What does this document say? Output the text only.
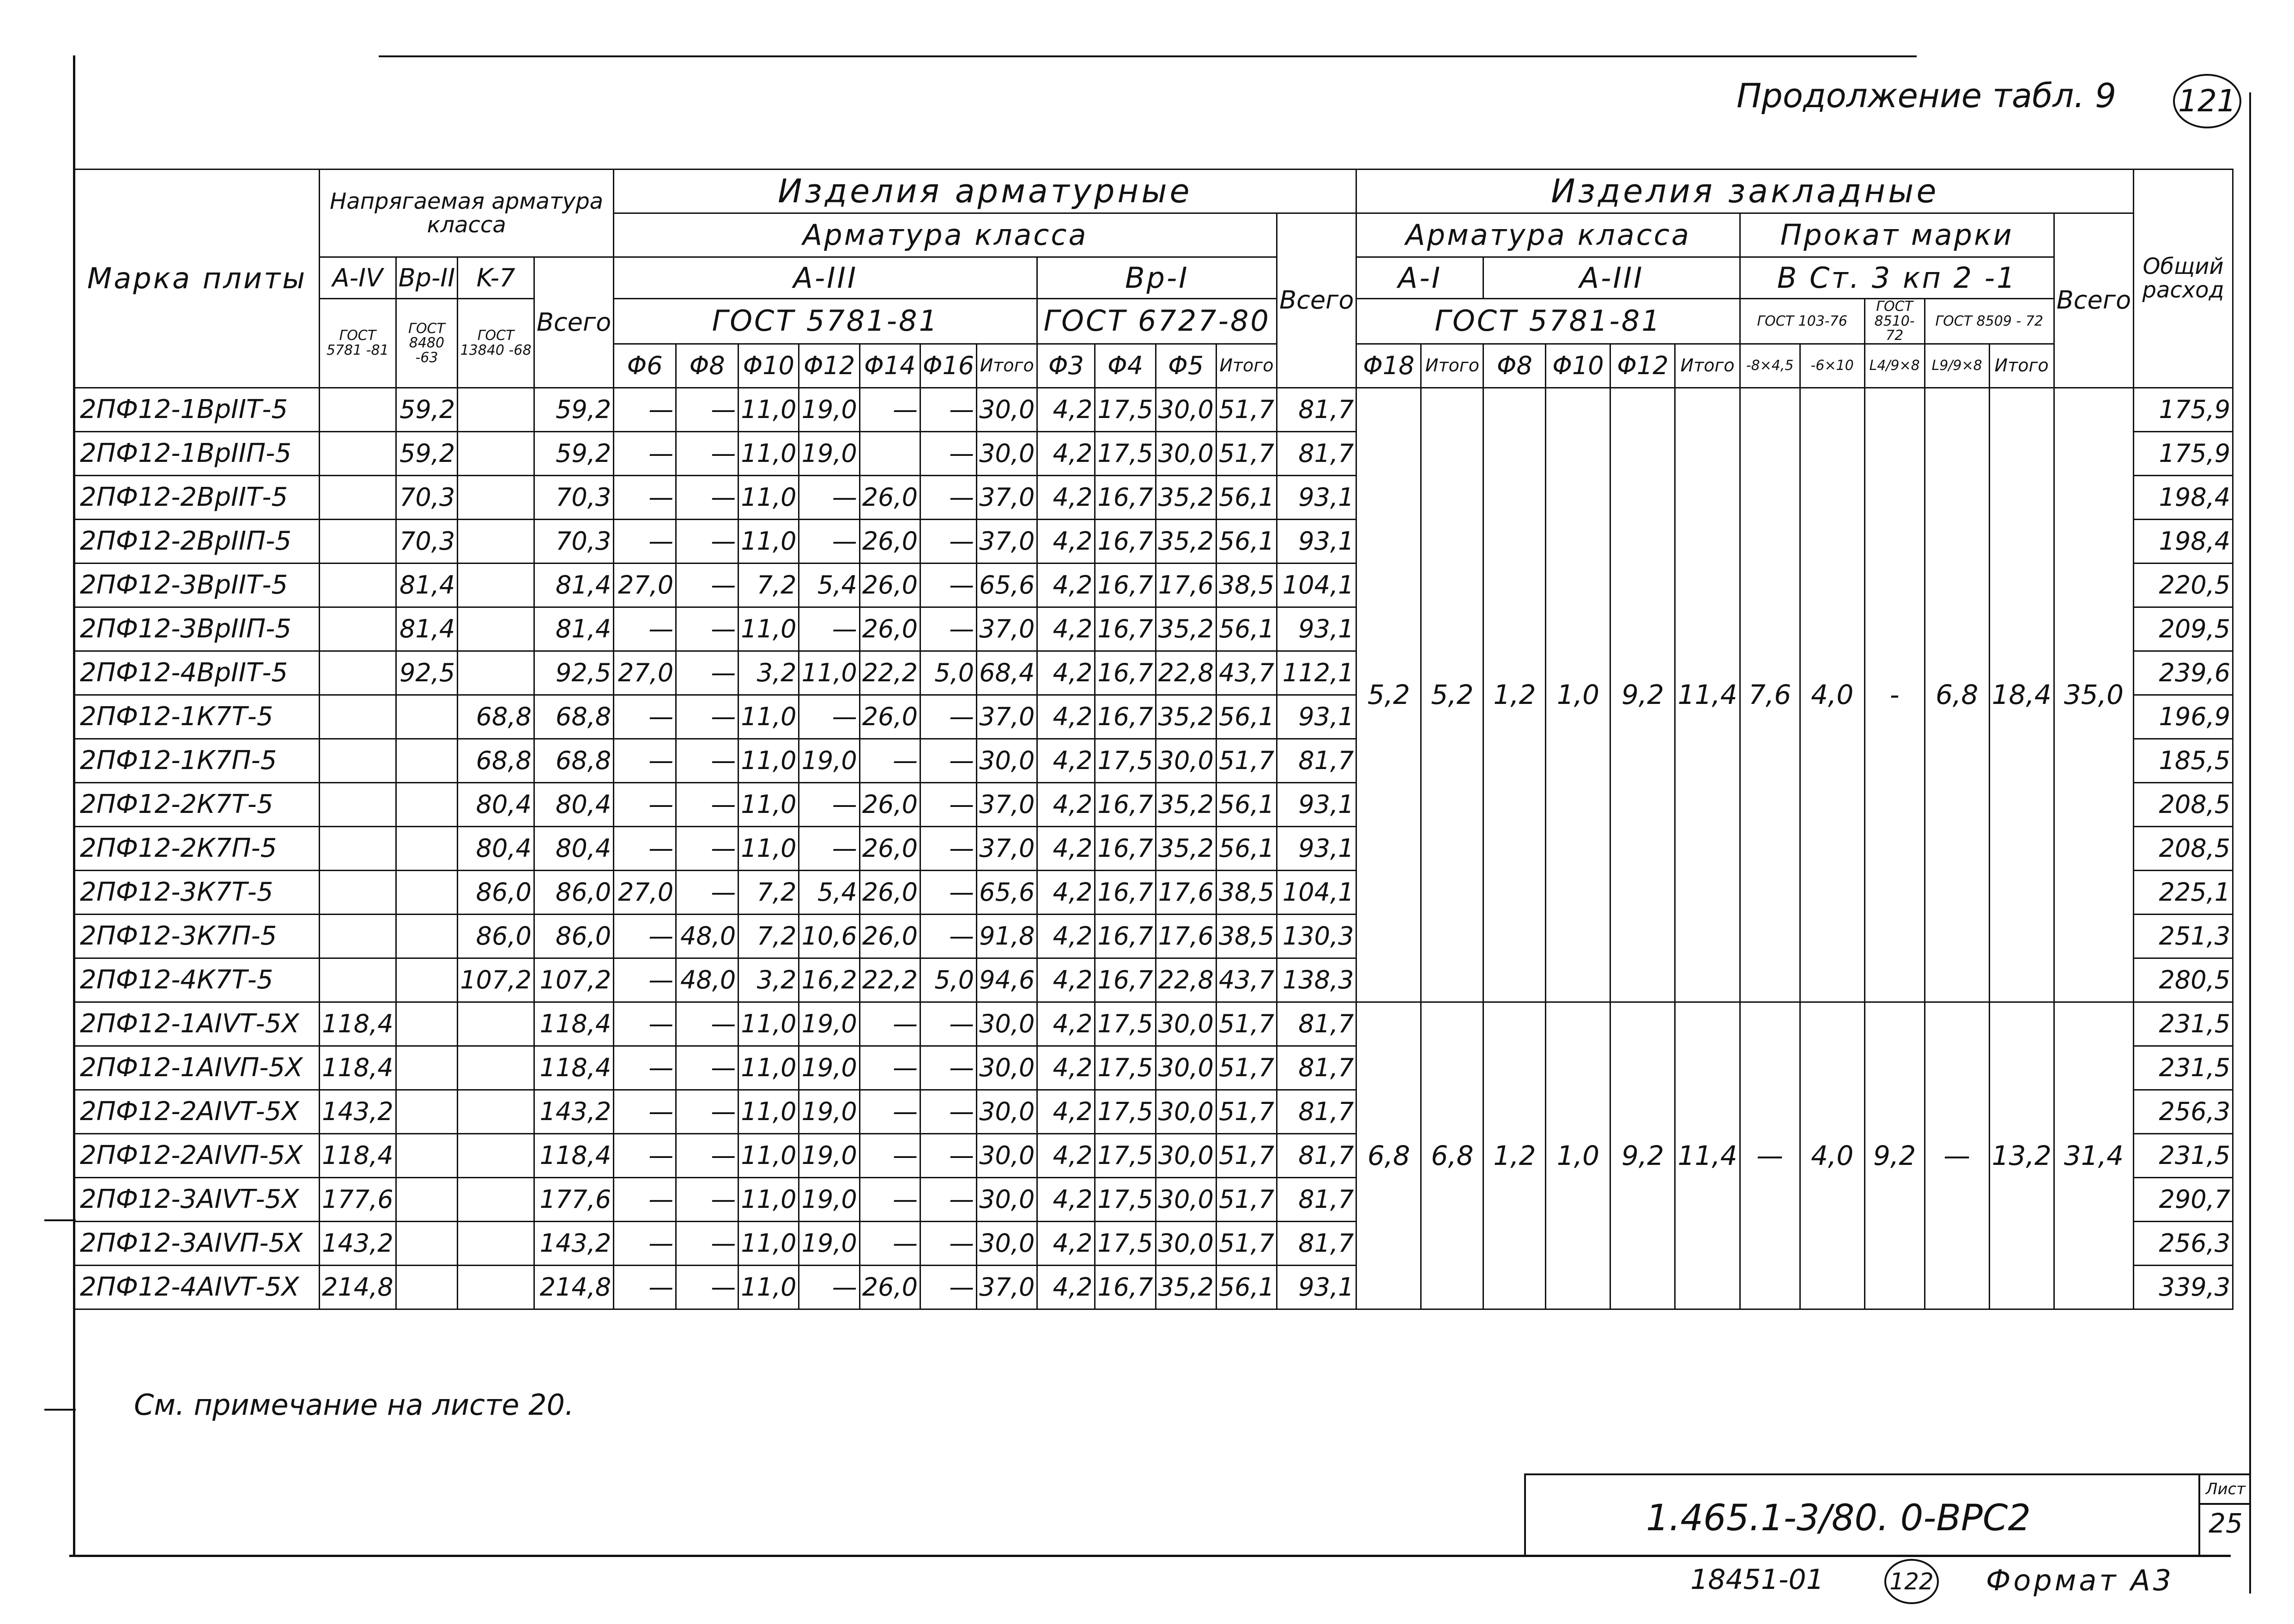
Продолжение табл. 9 121
Марка плиты	Напрягаемая арматура класса				Изделия арматурные												Изделия закладные												Общий расход
					Арматура класса											Всего	Арматура класса						Прокат марки					Всего	
	A-IV	Bp-II	K-7	Всего	A-III							Bp-I					A-I		A-III				В Ст. 3 кп 2 -1						
	ГОСТ 5781 -81	ГОСТ 8480 -63	ГОСТ 13840 -68		ГОСТ 5781-81							ГОСТ 6727-80					ГОСТ 5781-81						ГОСТ 103-76		ГОСТ 8510-72	ГОСТ 8509 - 72			
					Φ6	Φ8	Φ10	Φ12	Φ14	Φ16	Итого	Φ3	Φ4	Φ5	Итого		Φ18	Итого	Φ8	Φ10	Φ12	Итого	-8×4,5	-6×10	L4/9×8	L9/9×8	Итого		
2ПФ12-1BpIIТ-5		59,2		59,2	—	—	11,0	19,0	—	—	30,0	4,2	17,5	30,0	51,7	81,7	5,2	5,2	1,2	1,0	9,2	11,4	7,6	4,0	-	6,8	18,4	35,0	175,9
2ПФ12-1BpIIП-5		59,2		59,2	—	—	11,0	19,0		—	30,0	4,2	17,5	30,0	51,7	81,7													175,9
2ПФ12-2BpIIТ-5		70,3		70,3	—	—	11,0	—	26,0	—	37,0	4,2	16,7	35,2	56,1	93,1													198,4
2ПФ12-2BpIIП-5		70,3		70,3	—	—	11,0	—	26,0	—	37,0	4,2	16,7	35,2	56,1	93,1													198,4
2ПФ12-3BpIIТ-5		81,4		81,4	27,0	—	7,2	5,4	26,0	—	65,6	4,2	16,7	17,6	38,5	104,1													220,5
2ПФ12-3BpIIП-5		81,4		81,4	—	—	11,0	—	26,0	—	37,0	4,2	16,7	35,2	56,1	93,1													209,5
2ПФ12-4BpIIТ-5		92,5		92,5	27,0	—	3,2	11,0	22,2	5,0	68,4	4,2	16,7	22,8	43,7	112,1													239,6
2ПФ12-1К7Т-5			68,8	68,8	—	—	11,0	—	26,0	—	37,0	4,2	16,7	35,2	56,1	93,1													196,9
2ПФ12-1К7П-5			68,8	68,8	—	—	11,0	19,0	—	—	30,0	4,2	17,5	30,0	51,7	81,7													185,5
2ПФ12-2К7Т-5			80,4	80,4	—	—	11,0	—	26,0	—	37,0	4,2	16,7	35,2	56,1	93,1													208,5
2ПФ12-2К7П-5			80,4	80,4	—	—	11,0	—	26,0	—	37,0	4,2	16,7	35,2	56,1	93,1													208,5
2ПФ12-3К7Т-5			86,0	86,0	27,0	—	7,2	5,4	26,0	—	65,6	4,2	16,7	17,6	38,5	104,1													225,1
2ПФ12-3К7П-5			86,0	86,0	—	48,0	7,2	10,6	26,0	—	91,8	4,2	16,7	17,6	38,5	130,3													251,3
2ПФ12-4К7Т-5			107,2	107,2	—	48,0	3,2	16,2	22,2	5,0	94,6	4,2	16,7	22,8	43,7	138,3													280,5
2ПФ12-1AIVТ-5Х	118,4			118,4	—	—	11,0	19,0	—	—	30,0	4,2	17,5	30,0	51,7	81,7	6,8	6,8	1,2	1,0	9,2	11,4	—	4,0	9,2	—	13,2	31,4	231,5
2ПФ12-1AIVП-5Х	118,4			118,4	—	—	11,0	19,0	—	—	30,0	4,2	17,5	30,0	51,7	81,7													231,5
2ПФ12-2AIVТ-5Х	143,2			143,2	—	—	11,0	19,0	—	—	30,0	4,2	17,5	30,0	51,7	81,7													256,3
2ПФ12-2AIVП-5Х	118,4			118,4	—	—	11,0	19,0	—	—	30,0	4,2	17,5	30,0	51,7	81,7													231,5
2ПФ12-3AIVТ-5Х	177,6			177,6	—	—	11,0	19,0	—	—	30,0	4,2	17,5	30,0	51,7	81,7													290,7
2ПФ12-3AIVП-5Х	143,2			143,2	—	—	11,0	19,0	—	—	30,0	4,2	17,5	30,0	51,7	81,7													256,3
2ПФ12-4AIVТ-5Х	214,8			214,8	—	—	11,0	—	26,0	—	37,0	4,2	16,7	35,2	56,1	93,1													339,3
См. примечание на листе 20.
1.465.1-3/80. 0-ВРС2
Лист
25
18451-01	122 Формат А3
